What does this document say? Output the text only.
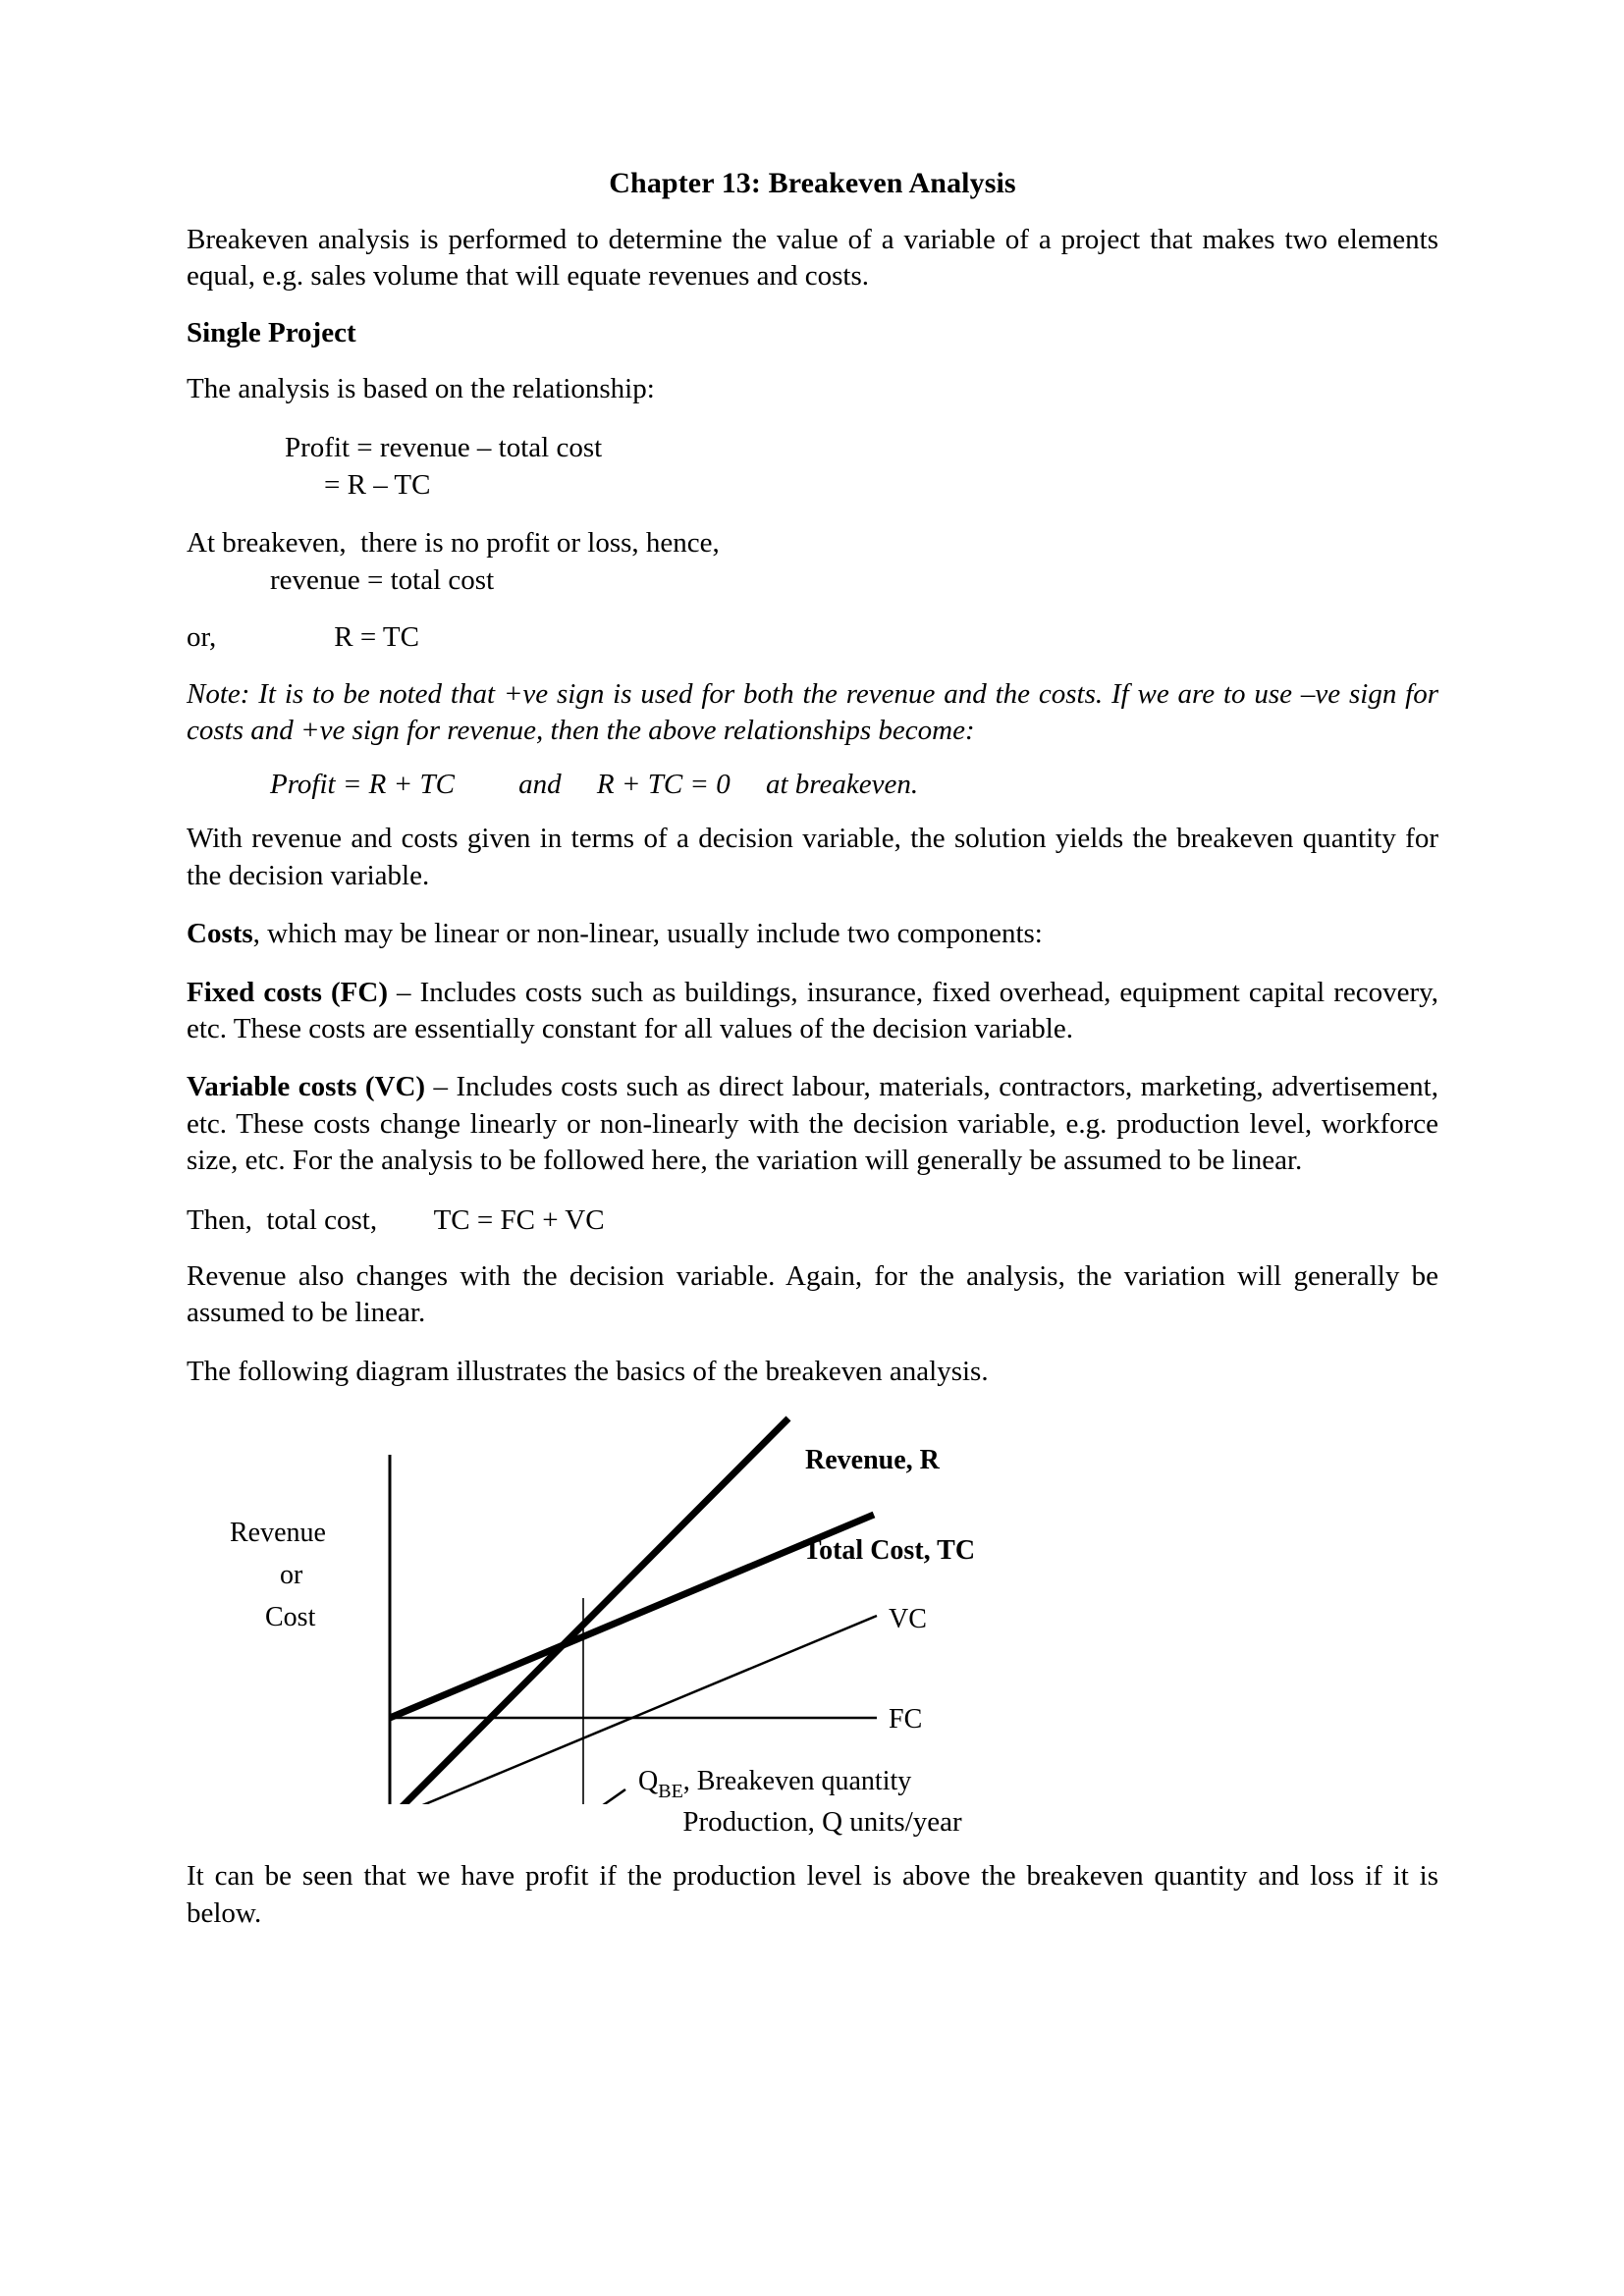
Chapter 13: Breakeven Analysis

Breakeven analysis is performed to determine the value of a variable of a project that makes two elements equal, e.g. sales volume that will equate revenues and costs.

Single Project

The analysis is based on the relationship:

Profit = revenue – total cost
= R – TC
At breakeven,  there is no profit or loss, hence,
revenue = total cost
or,	R = TC

Note: It is to be noted that +ve sign is used for both the revenue and the costs. If we are to use –ve sign for costs and +ve sign for revenue, then the above relationships become:

Profit = R + TC         and     R + TC = 0     at breakeven.

With revenue and costs given in terms of a decision variable, the solution yields the breakeven quantity for the decision variable.

Costs, which may be linear or non-linear, usually include two components:

Fixed costs (FC) – Includes costs such as buildings, insurance, fixed overhead, equipment capital recovery, etc. These costs are essentially constant for all values of the decision variable.

Variable costs (VC) – Includes costs such as direct labour, materials, contractors, marketing, advertisement, etc. These costs change linearly or non-linearly with the decision variable, e.g. production level, workforce size, etc. For the analysis to be followed here, the variation will generally be assumed to be linear.

Then,  total cost,        TC = FC + VC

Revenue also changes with the decision variable. Again, for the analysis, the variation will generally be assumed to be linear.

The following diagram illustrates the basics of the breakeven analysis.

Revenue
or
Cost
Revenue, R
Total Cost, TC
VC
FC
QBE, Breakeven quantity
Production, Q units/year

It can be seen that we have profit if the production level is above the breakeven quantity and loss if it is below.
